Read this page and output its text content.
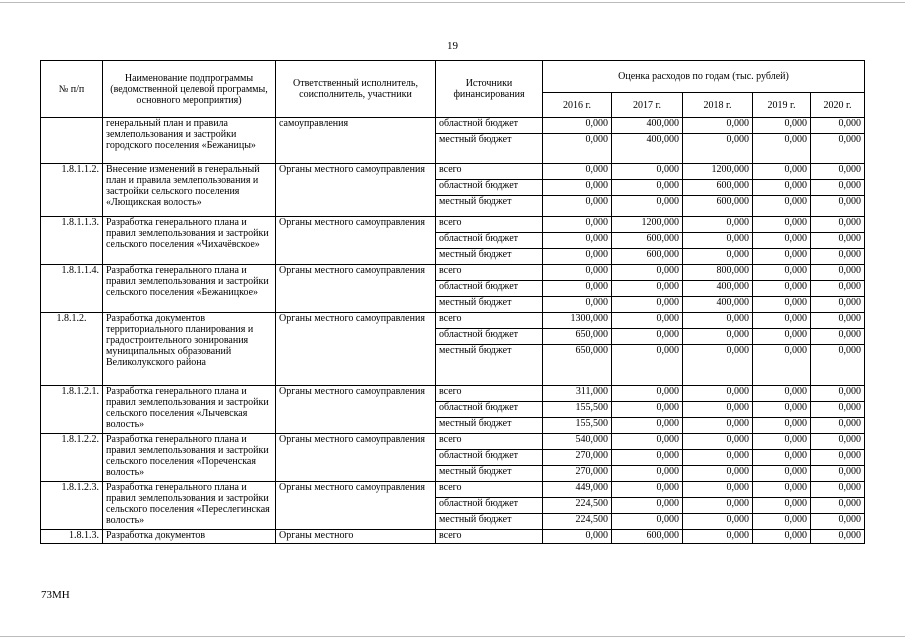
19
№ п/п	Наименование подпрограммы (ведомственной целевой программы, основного мероприятия)	Ответственный исполнитель, соисполнитель, участники	Источники финансирования	Оценка расходов по годам (тыс. рублей)				
				2016 г.	2017 г.	2018 г.	2019 г.	2020 г.
	генеральный план и правила землепользования и застройки городского поселения «Бежаницы»	самоуправления	областной бюджет	0,000	400,000	0,000	0,000	0,000
			местный бюджет	0,000	400,000	0,000	0,000	0,000
1.8.1.1.2.	Внесение изменений в генеральный план и правила землепользования и застройки сельского поселения «Лющикская волость»	Органы местного самоуправления	всего	0,000	0,000	1200,000	0,000	0,000
			областной бюджет	0,000	0,000	600,000	0,000	0,000
			местный бюджет	0,000	0,000	600,000	0,000	0,000
1.8.1.1.3.	Разработка генерального плана и правил землепользования и застройки сельского поселения «Чихачёвское»	Органы местного самоуправления	всего	0,000	1200,000	0,000	0,000	0,000
			областной бюджет	0,000	600,000	0,000	0,000	0,000
			местный бюджет	0,000	600,000	0,000	0,000	0,000
1.8.1.1.4.	Разработка генерального плана и правил землепользования и застройки сельского поселения «Бежаницкое»	Органы местного самоуправления	всего	0,000	0,000	800,000	0,000	0,000
			областной бюджет	0,000	0,000	400,000	0,000	0,000
			местный бюджет	0,000	0,000	400,000	0,000	0,000
1.8.1.2.	Разработка документов территориального планирования и градостроительного зонирования муниципальных образований Великолукского района	Органы местного самоуправления	всего	1300,000	0,000	0,000	0,000	0,000
			областной бюджет	650,000	0,000	0,000	0,000	0,000
			местный бюджет	650,000	0,000	0,000	0,000	0,000
1.8.1.2.1.	Разработка генерального плана и правил землепользования и застройки сельского поселения «Лычевская волость»	Органы местного самоуправления	всего	311,000	0,000	0,000	0,000	0,000
			областной бюджет	155,500	0,000	0,000	0,000	0,000
			местный бюджет	155,500	0,000	0,000	0,000	0,000
1.8.1.2.2.	Разработка генерального плана и правил землепользования и застройки сельского поселения «Пореченская волость»	Органы местного самоуправления	всего	540,000	0,000	0,000	0,000	0,000
			областной бюджет	270,000	0,000	0,000	0,000	0,000
			местный бюджет	270,000	0,000	0,000	0,000	0,000
1.8.1.2.3.	Разработка генерального плана и правил землепользования и застройки сельского поселения «Переслегинская волость»	Органы местного самоуправления	всего	449,000	0,000	0,000	0,000	0,000
			областной бюджет	224,500	0,000	0,000	0,000	0,000
			местный бюджет	224,500	0,000	0,000	0,000	0,000
1.8.1.3.	Разработка документов	Органы местного	всего	0,000	600,000	0,000	0,000	0,000
73МН
